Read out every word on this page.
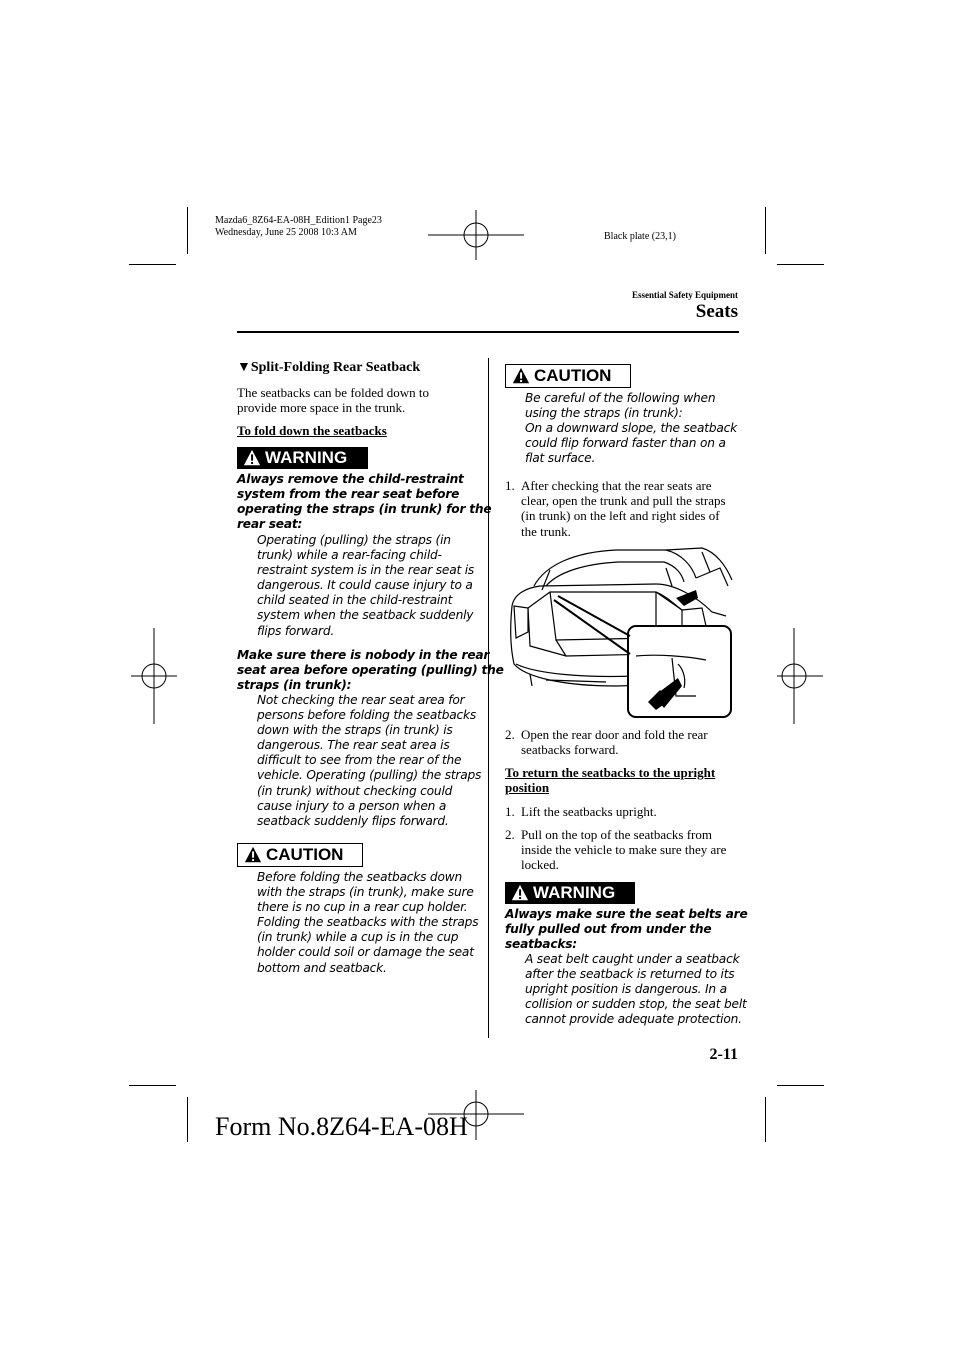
Mazda6_8Z64-EA-08H_Edition1 Page23
Wednesday, June 25 2008 10:3 AM	Black plate (23,1)
Essential Safety Equipment
Seats
▼Split-Folding Rear Seatback
The seatbacks can be folded down to
provide more space in the trunk.
To fold down the seatbacks
WARNING
Always remove the child-restraint
system from the rear seat before
operating the straps (in trunk) for the
rear seat:
Operating (pulling) the straps (in
trunk) while a rear-facing child-
restraint system is in the rear seat is
dangerous. It could cause injury to a
child seated in the child-restraint
system when the seatback suddenly
flips forward.
Make sure there is nobody in the rear
seat area before operating (pulling) the
straps (in trunk):
Not checking the rear seat area for
persons before folding the seatbacks
down with the straps (in trunk) is
dangerous. The rear seat area is
difficult to see from the rear of the
vehicle. Operating (pulling) the straps
(in trunk) without checking could
cause injury to a person when a
seatback suddenly flips forward.
CAUTION
Before folding the seatbacks down
with the straps (in trunk), make sure
there is no cup in a rear cup holder.
Folding the seatbacks with the straps
(in trunk) while a cup is in the cup
holder could soil or damage the seat
bottom and seatback.
CAUTION
Be careful of the following when
using the straps (in trunk):
On a downward slope, the seatback
could flip forward faster than on a
flat surface.
1. After checking that the rear seats are
clear, open the trunk and pull the straps
(in trunk) on the left and right sides of
the trunk.
2. Open the rear door and fold the rear
seatbacks forward.
To return the seatbacks to the upright
position
1. Lift the seatbacks upright.
2. Pull on the top of the seatbacks from
inside the vehicle to make sure they are
locked.
WARNING
Always make sure the seat belts are
fully pulled out from under the
seatbacks:
A seat belt caught under a seatback
after the seatback is returned to its
upright position is dangerous. In a
collision or sudden stop, the seat belt
cannot provide adequate protection.
2-11
Form No.8Z64-EA-08H
